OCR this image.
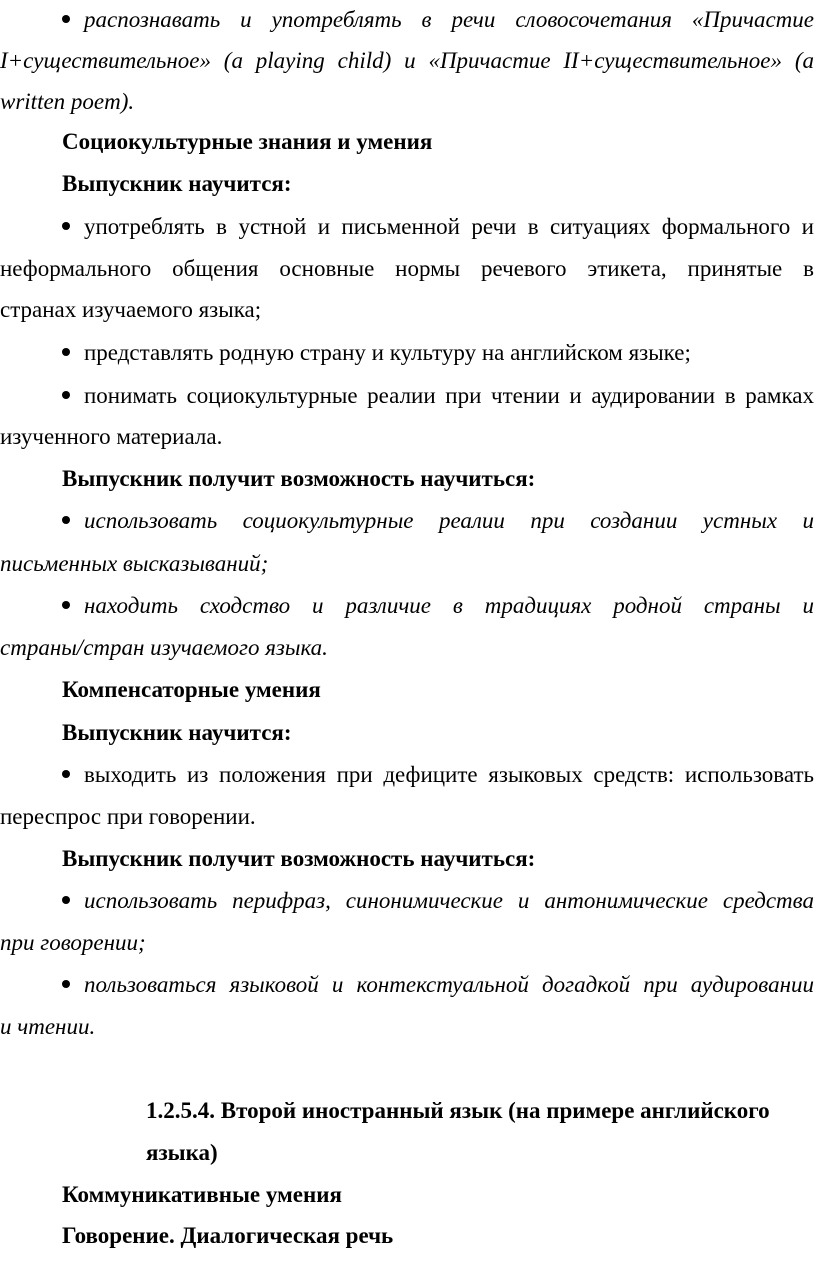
распознавать и употреблять в речи словосочетания «Причастие
I+существительное» (a playing child) и «Причастие II+существительное» (a
written poem).
Социокультурные знания и умения
Выпускник научится:
употреблять в устной и письменной речи в ситуациях формального и
неформального общения основные нормы речевого этикета, принятые в
странах изучаемого языка;
представлять родную страну и культуру на английском языке;
понимать социокультурные реалии при чтении и аудировании в рамках
изученного материала.
Выпускник получит возможность научиться:
использовать социокультурные реалии при создании устных и
письменных высказываний;
находить сходство и различие в традициях родной страны и
страны/стран изучаемого языка.
Компенсаторные умения
Выпускник научится:
выходить из положения при дефиците языковых средств: использовать
переспрос при говорении.
Выпускник получит возможность научиться:
использовать перифраз, синонимические и антонимические средства
при говорении;
пользоваться языковой и контекстуальной догадкой при аудировании
и чтении.
1.2.5.4. Второй иностранный язык (на примере английского
языка)
Коммуникативные умения
Говорение. Диалогическая речь
